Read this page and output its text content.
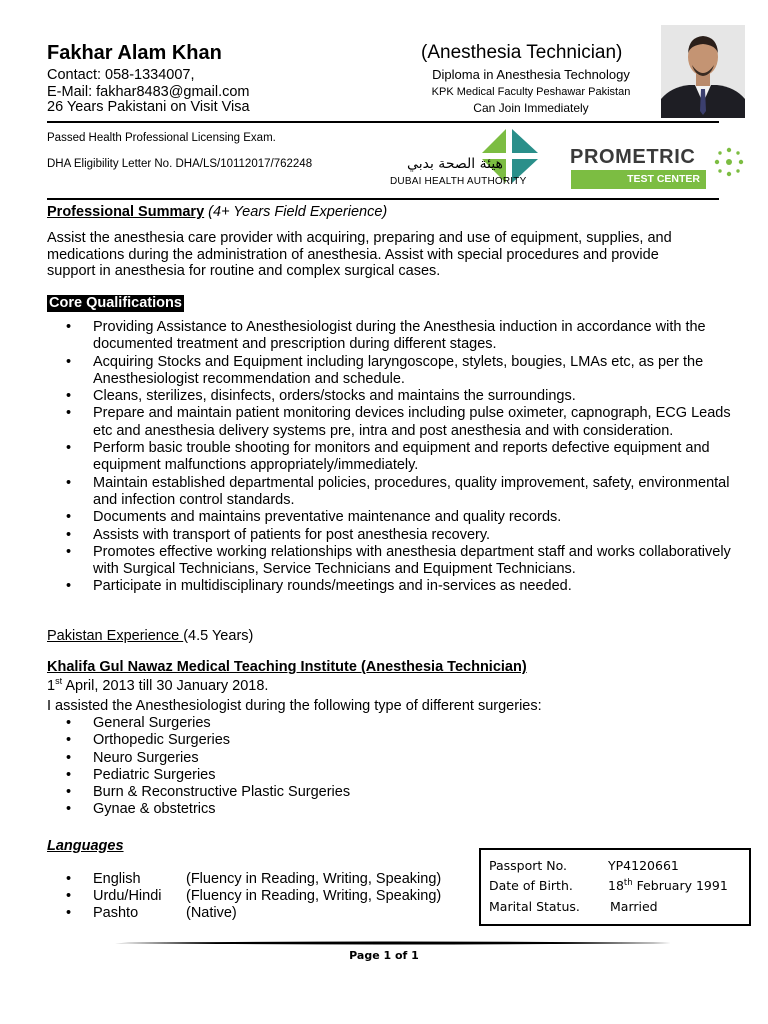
Fakhar Alam Khan
Contact: 058-1334007,
E-Mail: fakhar8483@gmail.com
26 Years Pakistani on Visit Visa
(Anesthesia Technician)
Diploma in Anesthesia Technology
KPK Medical Faculty Peshawar Pakistan
Can Join Immediately
Passed Health Professional Licensing Exam.
DHA Eligibility Letter No. DHA/LS/10112017/762248	هيئة الصحة بدبي
DUBAI HEALTH AUTHORITY
PROMETRIC
TEST CENTER
Professional Summary (4+ Years Field Experience)
Assist the anesthesia care provider with acquiring, preparing and use of equipment, supplies, and
medications during the administration of anesthesia. Assist with special procedures and provide
support in anesthesia for routine and complex surgical cases.
Core Qualifications
• Providing Assistance to Anesthesiologist during the Anesthesia induction in accordance with the documented treatment and prescription during different stages.
• Acquiring Stocks and Equipment including laryngoscope, stylets, bougies, LMAs etc, as per the Anesthesiologist recommendation and schedule.
• Cleans, sterilizes, disinfects, orders/stocks and maintains the surroundings.
• Prepare and maintain patient monitoring devices including pulse oximeter, capnograph, ECG Leads etc and anesthesia delivery systems pre, intra and post anesthesia and with consideration.
• Perform basic trouble shooting for monitors and equipment and reports defective equipment and equipment malfunctions appropriately/immediately.
• Maintain established departmental policies, procedures, quality improvement, safety, environmental and infection control standards.
• Documents and maintains preventative maintenance and quality records.
• Assists with transport of patients for post anesthesia recovery.
• Promotes effective working relationships with anesthesia department staff and works collaboratively with Surgical Technicians, Service Technicians and Equipment Technicians.
• Participate in multidisciplinary rounds/meetings and in-services as needed.
Pakistan Experience (4.5 Years)
Khalifa Gul Nawaz Medical Teaching Institute (Anesthesia Technician)
1st April, 2013 till 30 January 2018.
I assisted the Anesthesiologist during the following type of different surgeries:
• General Surgeries
• Orthopedic Surgeries
• Neuro Surgeries
• Pediatric Surgeries
• Burn & Reconstructive Plastic Surgeries
• Gynae & obstetrics
Languages
• English	(Fluency in Reading, Writing, Speaking)
• Urdu/Hindi (Fluency in Reading, Writing, Speaking)
• Pashto	(Native)
Passport No.	YP4120661
Date of Birth.	18th February 1991
Marital Status. Married
Page 1 of 1
